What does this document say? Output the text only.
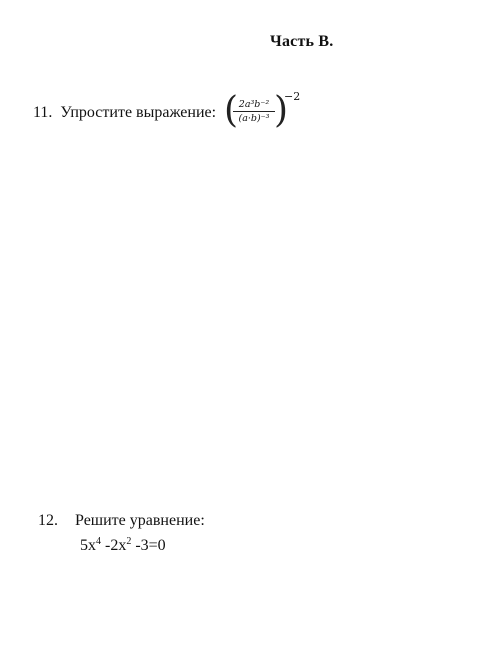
Часть В.
11. Упростите выражение: ( 2a³b⁻²
(a·b)⁻³ )
−2
12. Решите уравнение:
$5x^4$ $-2x^2$ -3=0
